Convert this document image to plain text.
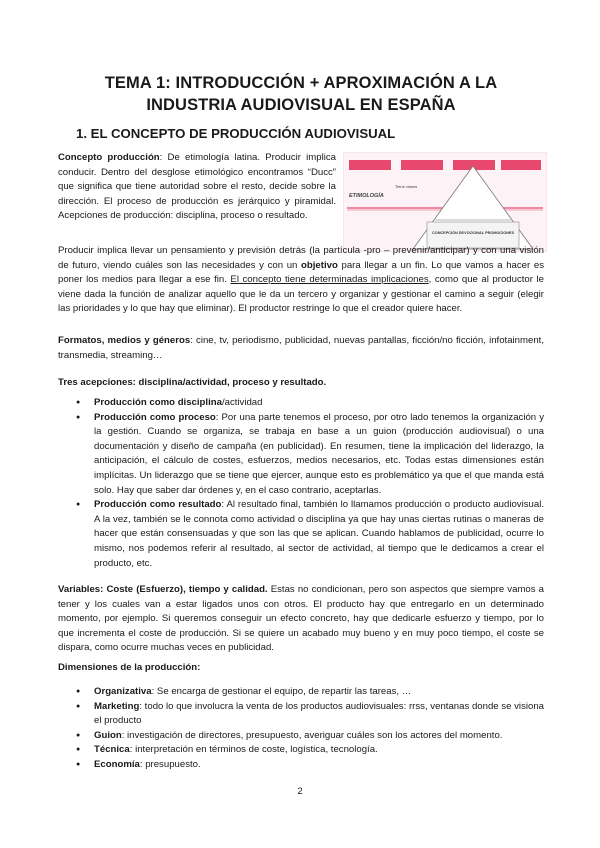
TEMA 1: INTRODUCCIÓN + APROXIMACIÓN A LA INDUSTRIA AUDIOVISUAL EN ESPAÑA
1. EL CONCEPTO DE PRODUCCIÓN AUDIOVISUAL
Concepto producción: De etimología latina. Producir implica conducir. Dentro del desglose etimológico encontramos “Ducc” que significa que tiene autoridad sobre el resto, decide sobre la dirección. El proceso de producción es jerárquico y piramidal. Acepciones de producción: disciplina, proceso o resultado.
ETIMOLOGÍA
Tiene clases
CONCEPCIÓN DEVOCIONAL PROMOCIONES
Producir implica llevar un pensamiento y previsión detrás (la partícula -pro – prevenir/anticipar) y con una visión de futuro, viendo cuáles son las necesidades y con un objetivo para llegar a un fin. Lo que vamos a hacer es poner los medios para llegar a ese fin. El concepto tiene determinadas implicaciones, como que al productor le viene dada la función de analizar aquello que le da un tercero y organizar y gestionar el camino a seguir (elegir las prioridades y lo que hay que eliminar). El productor restringe lo que el creador quiere hacer.
Formatos, medios y géneros: cine, tv, periodismo, publicidad, nuevas pantallas, ficción/no ficción, infotainment, transmedia, streaming…
Tres acepciones: disciplina/actividad, proceso y resultado.
● Producción como disciplina/actividad
● Producción como proceso: Por una parte tenemos el proceso, por otro lado tenemos la organización y la gestión. Cuando se organiza, se trabaja en base a un guion (producción audiovisual) o una documentación y diseño de campaña (en publicidad). En resumen, tiene la implicación del liderazgo, la anticipación, el cálculo de costes, esfuerzos, medios necesarios, etc. Todas estas dimensiones están implícitas. Un liderazgo que se tiene que ejercer, aunque esto es problemático ya que el que manda está solo. Hay que saber dar órdenes y, en el caso contrario, aceptarlas.
● Producción como resultado: Al resultado final, también lo llamamos producción o producto audiovisual. A la vez, también se le connota como actividad o disciplina ya que hay unas ciertas rutinas o maneras de hacer que están consensuadas y que son las que se aplican. Cuando hablamos de publicidad, ocurre lo mismo, nos podemos referir al resultado, al sector de actividad, al tiempo que le dedicamos a crear el producto, etc.
Variables: Coste (Esfuerzo), tiempo y calidad. Estas no condicionan, pero son aspectos que siempre vamos a tener y los cuales van a estar ligados unos con otros. El producto hay que entregarlo en un determinado momento, por ejemplo. Si queremos conseguir un efecto concreto, hay que dedicarle esfuerzo y tiempo, por lo que incrementa el coste de producción. Si se quiere un acabado muy bueno y en muy poco tiempo, el coste se dispara, como ocurre muchas veces en publicidad.
Dimensiones de la producción:
● Organizativa: Se encarga de gestionar el equipo, de repartir las tareas, …
● Marketing: todo lo que involucra la venta de los productos audiovisuales: rrss, ventanas donde se visiona el producto
● Guion: investigación de directores, presupuesto, averiguar cuáles son los actores del momento.
● Técnica: interpretación en términos de coste, logística, tecnología.
● Economía: presupuesto.
2
